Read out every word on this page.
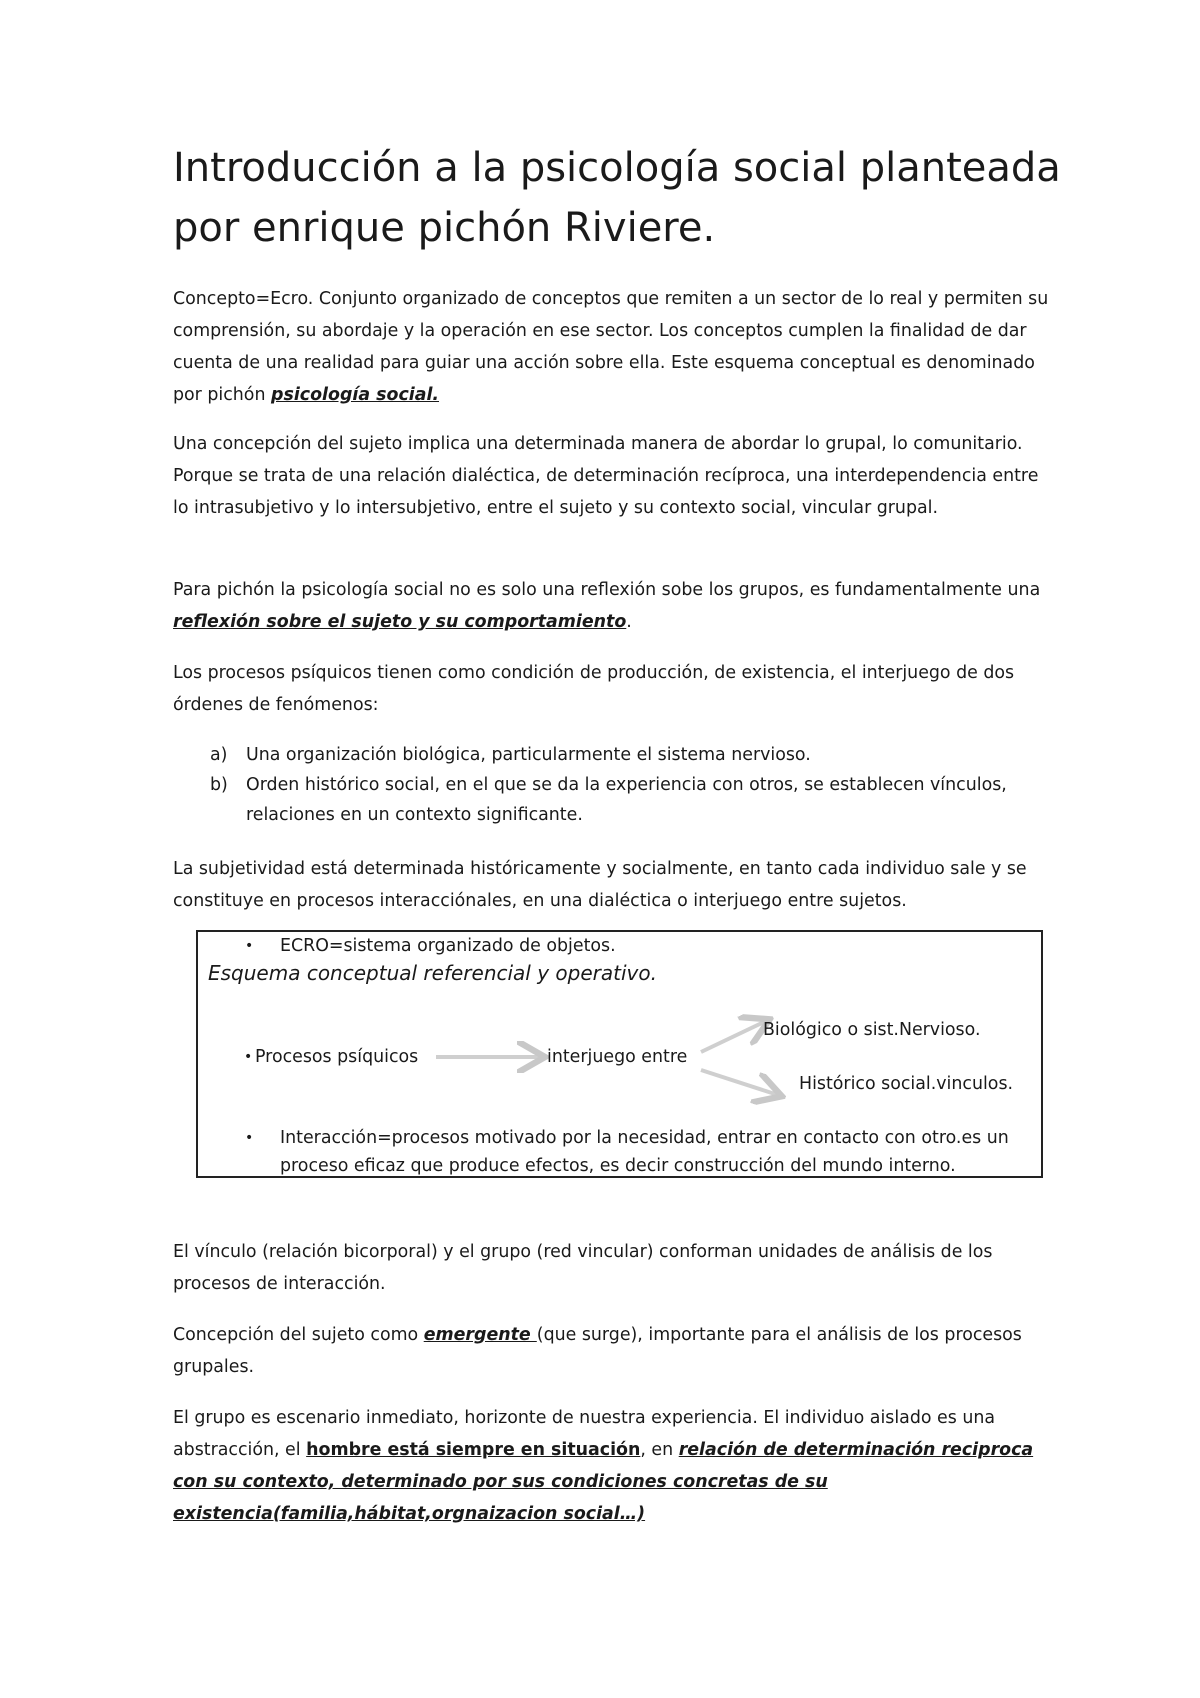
Introducción a la psicología social planteada por enrique pichón Riviere.

Concepto=Ecro. Conjunto organizado de conceptos que remiten a un sector de lo real y permiten su comprensión, su abordaje y la operación en ese sector. Los conceptos cumplen la finalidad de dar cuenta de una realidad para guiar una acción sobre ella. Este esquema conceptual es denominado por pichón psicología social.

Una concepción del sujeto implica una determinada manera de abordar lo grupal, lo comunitario. Porque se trata de una relación dialéctica, de determinación recíproca, una interdependencia entre lo intrasubjetivo y lo intersubjetivo, entre el sujeto y su contexto social, vincular grupal.

Para pichón la psicología social no es solo una reflexión sobe los grupos, es fundamentalmente una reflexión sobre el sujeto y su comportamiento.

Los procesos psíquicos tienen como condición de producción, de existencia, el interjuego de dos órdenes de fenómenos:

a) Una organización biológica, particularmente el sistema nervioso.
b) Orden histórico social, en el que se da la experiencia con otros, se establecen vínculos, relaciones en un contexto significante.

La subjetividad está determinada históricamente y socialmente, en tanto cada individuo sale y se constituye en procesos interacciónales, en una dialéctica o interjuego entre sujetos.

• ECRO=sistema organizado de objetos.
Esquema conceptual referencial y operativo.
Biológico o sist.Nervioso.
• Procesos psíquicos	interjuego entre
Histórico social.vinculos.
• Interacción=procesos motivado por la necesidad, entrar en contacto con otro.es un
proceso eficaz que produce efectos, es decir construcción del mundo interno.

El vínculo (relación bicorporal) y el grupo (red vincular) conforman unidades de análisis de los procesos de interacción.

Concepción del sujeto como emergente (que surge), importante para el análisis de los procesos grupales.

El grupo es escenario inmediato, horizonte de nuestra experiencia. El individuo aislado es una abstracción, el hombre está siempre en situación, en relación de determinación reciproca con su contexto, determinado por sus condiciones concretas de su existencia(familia,hábitat,orgnaizacion social…)
